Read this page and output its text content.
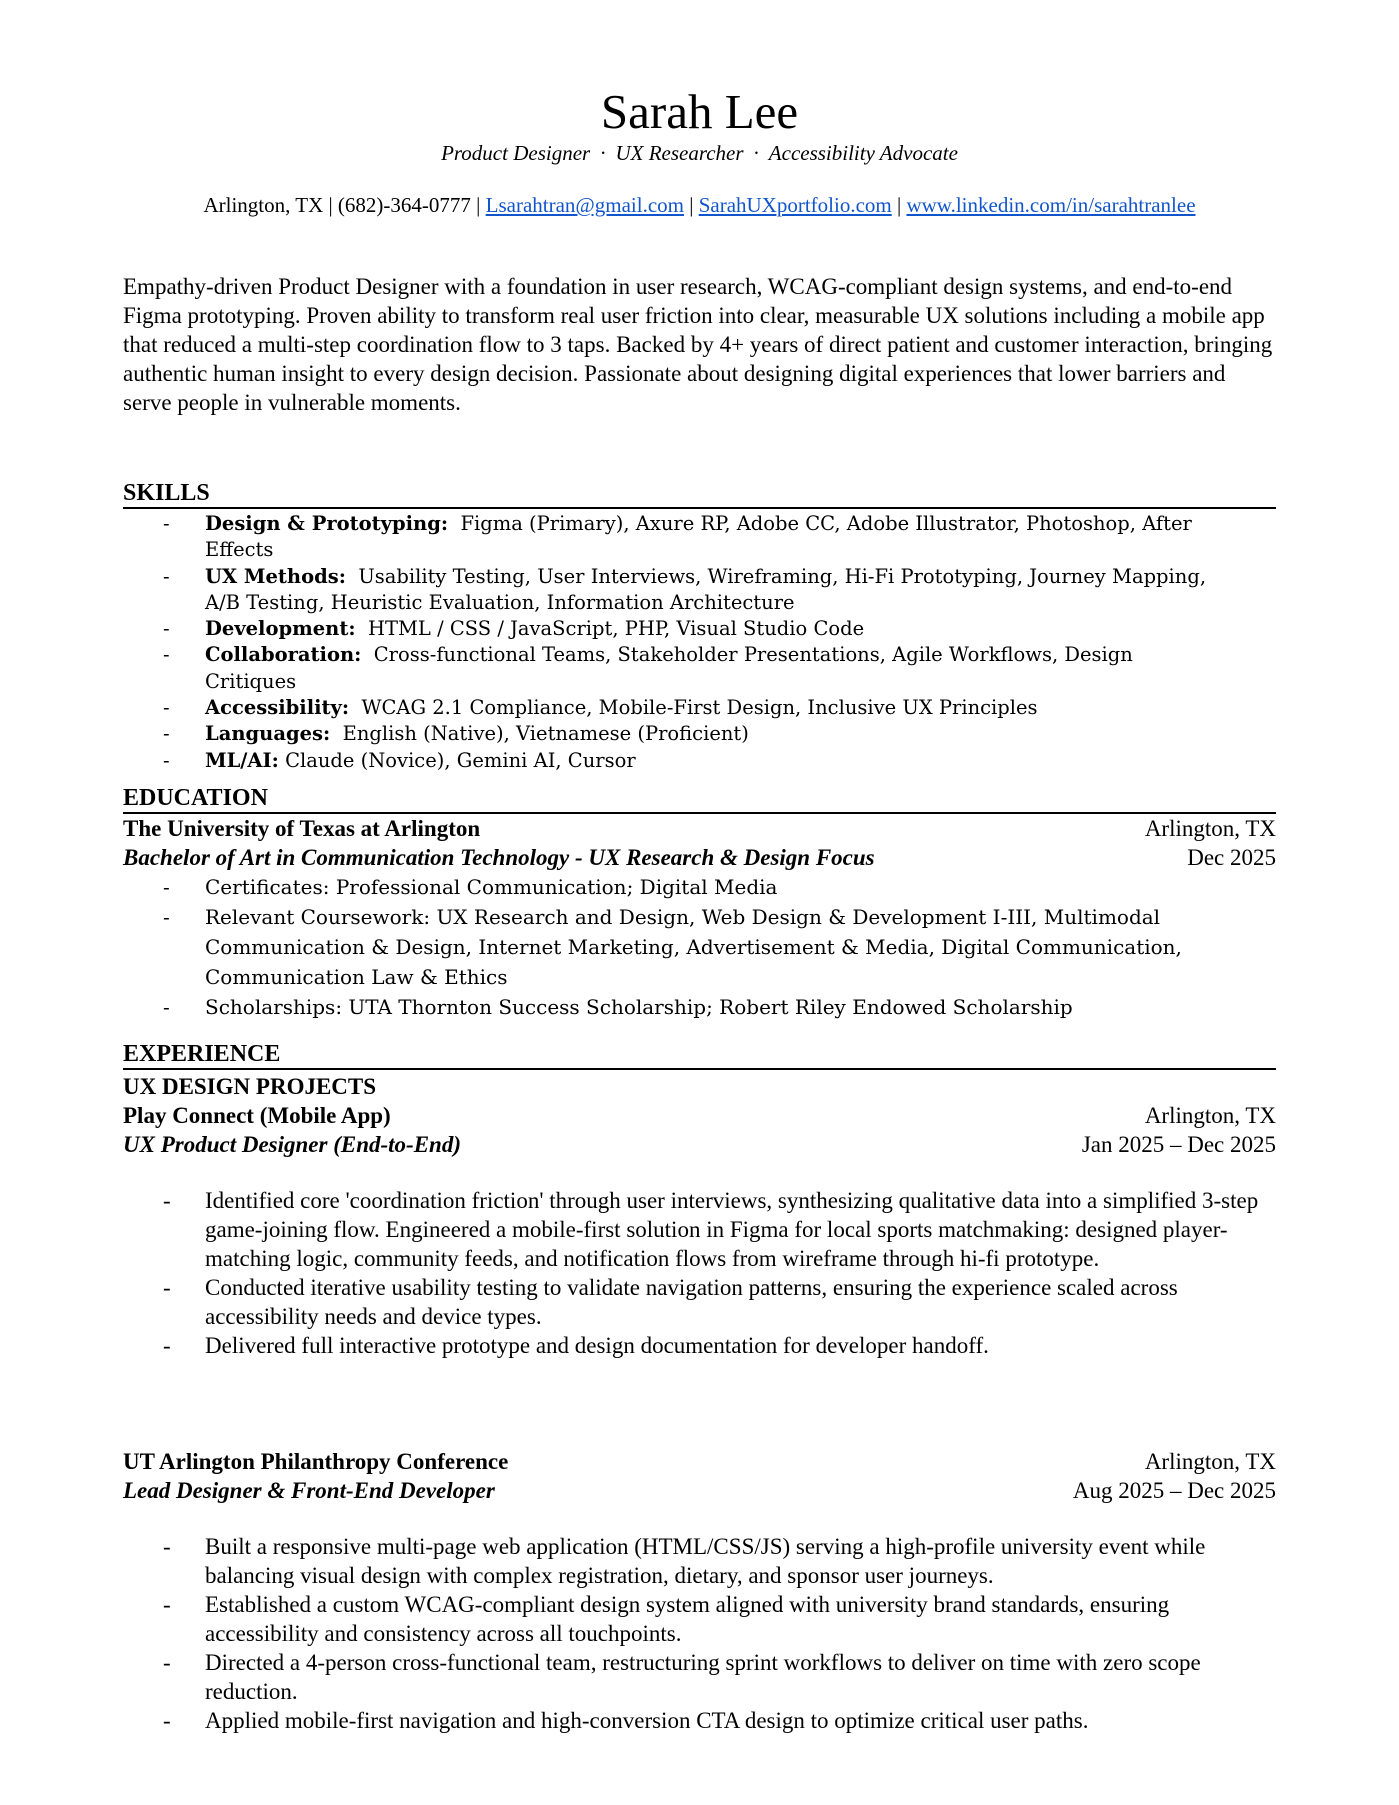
Sarah Lee
Product Designer · UX Researcher · Accessibility Advocate
Arlington, TX | (682)-364-0777 | Lsarahtran@gmail.com | SarahUXportfolio.com | www.linkedin.com/in/sarahtranlee

Empathy-driven Product Designer with a foundation in user research, WCAG-compliant design systems, and end-to-end Figma prototyping. Proven ability to transform real user friction into clear, measurable UX solutions including a mobile app that reduced a multi-step coordination flow to 3 taps. Backed by 4+ years of direct patient and customer interaction, bringing authentic human insight to every design decision. Passionate about designing digital experiences that lower barriers and serve people in vulnerable moments.

SKILLS
- Design & Prototyping: Figma (Primary), Axure RP, Adobe CC, Adobe Illustrator, Photoshop, After Effects
- UX Methods: Usability Testing, User Interviews, Wireframing, Hi-Fi Prototyping, Journey Mapping, A/B Testing, Heuristic Evaluation, Information Architecture
- Development: HTML / CSS / JavaScript, PHP, Visual Studio Code
- Collaboration: Cross-functional Teams, Stakeholder Presentations, Agile Workflows, Design Critiques
- Accessibility: WCAG 2.1 Compliance, Mobile-First Design, Inclusive UX Principles
- Languages: English (Native), Vietnamese (Proficient)
- ML/AI: Claude (Novice), Gemini AI, Cursor
EDUCATION
The University of Texas at Arlington	Arlington, TX
Bachelor of Art in Communication Technology - UX Research & Design Focus	Dec 2025
- Certificates: Professional Communication; Digital Media
- Relevant Coursework: UX Research and Design, Web Design & Development I-III, Multimodal Communication & Design, Internet Marketing, Advertisement & Media, Digital Communication, Communication Law & Ethics
- Scholarships: UTA Thornton Success Scholarship; Robert Riley Endowed Scholarship
EXPERIENCE
UX DESIGN PROJECTS
Play Connect (Mobile App)	Arlington, TX
UX Product Designer (End-to-End)	Jan 2025 – Dec 2025
- Identified core 'coordination friction' through user interviews, synthesizing qualitative data into a simplified 3-step game-joining flow. Engineered a mobile-first solution in Figma for local sports matchmaking: designed player-matching logic, community feeds, and notification flows from wireframe through hi-fi prototype.
- Conducted iterative usability testing to validate navigation patterns, ensuring the experience scaled across accessibility needs and device types.
- Delivered full interactive prototype and design documentation for developer handoff.
UT Arlington Philanthropy Conference	Arlington, TX
Lead Designer & Front-End Developer	Aug 2025 – Dec 2025
- Built a responsive multi-page web application (HTML/CSS/JS) serving a high-profile university event while balancing visual design with complex registration, dietary, and sponsor user journeys.
- Established a custom WCAG-compliant design system aligned with university brand standards, ensuring accessibility and consistency across all touchpoints.
- Directed a 4-person cross-functional team, restructuring sprint workflows to deliver on time with zero scope reduction.
- Applied mobile-first navigation and high-conversion CTA design to optimize critical user paths.
